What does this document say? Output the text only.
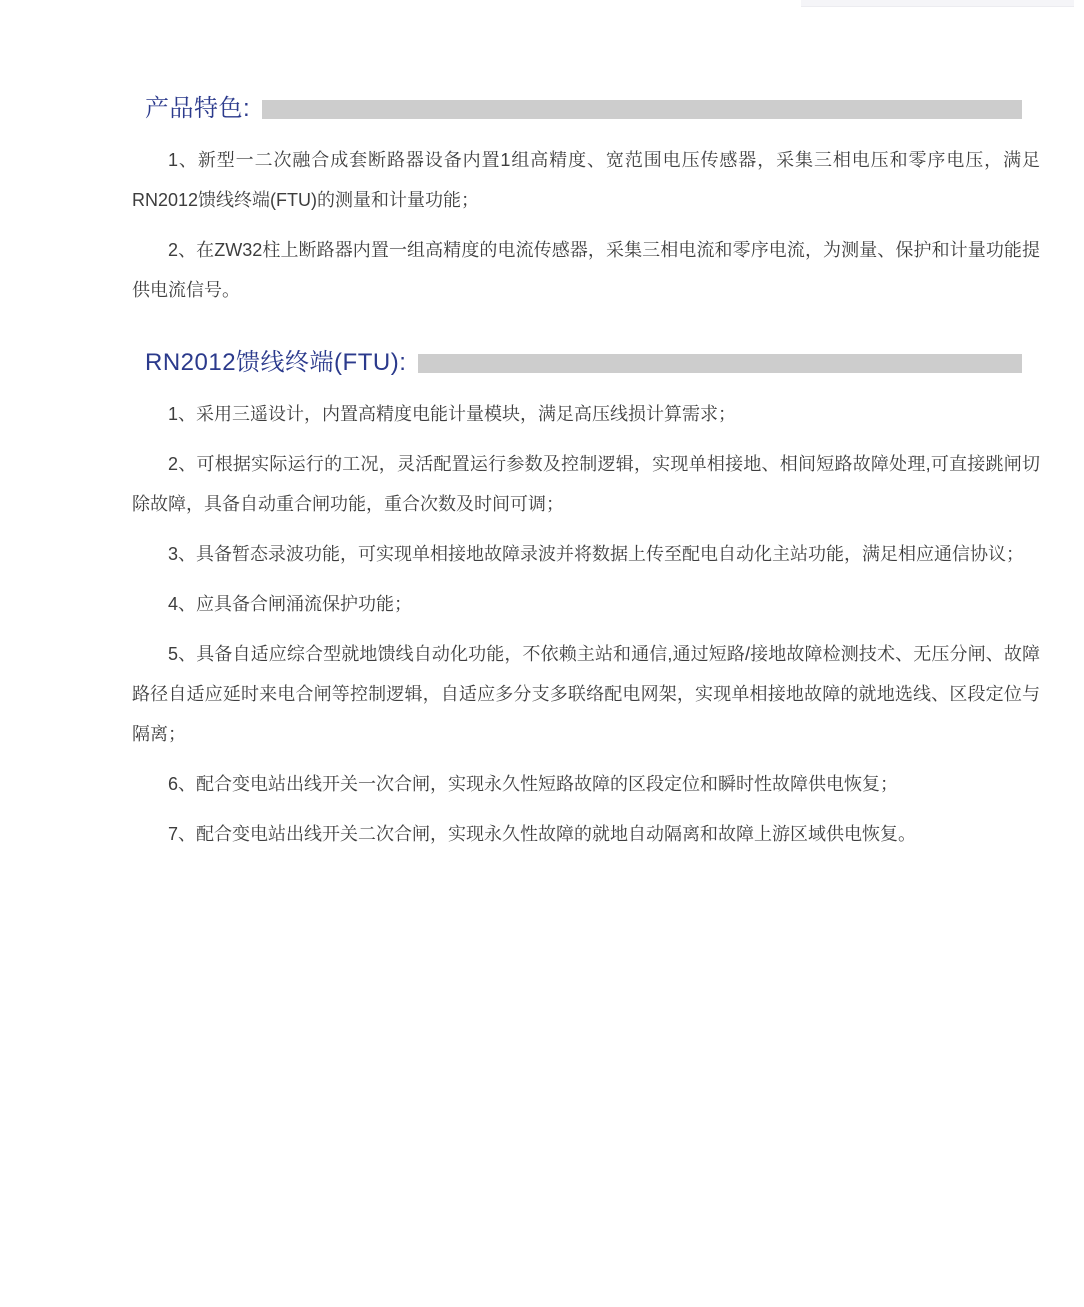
产品特色:

1、新型一二次融合成套断路器设备内置1组高精度、宽范围电压传感器，采集三相电压和零序电压，满足RN2012馈线终端(FTU)的测量和计量功能；

2、在ZW32柱上断路器内置一组高精度的电流传感器，采集三相电流和零序电流，为测量、保护和计量功能提供电流信号。

RN2012馈线终端(FTU):

1、采用三遥设计，内置高精度电能计量模块，满足高压线损计算需求；

2、可根据实际运行的工况，灵活配置运行参数及控制逻辑，实现单相接地、相间短路故障处理,可直接跳闸切除故障，具备自动重合闸功能，重合次数及时间可调；

3、具备暂态录波功能，可实现单相接地故障录波并将数据上传至配电自动化主站功能，满足相应通信协议；

4、应具备合闸涌流保护功能；

5、具备自适应综合型就地馈线自动化功能，不依赖主站和通信,通过短路/接地故障检测技术、无压分闸、故障路径自适应延时来电合闸等控制逻辑，自适应多分支多联络配电网架，实现单相接地故障的就地选线、区段定位与隔离；

6、配合变电站出线开关一次合闸，实现永久性短路故障的区段定位和瞬时性故障供电恢复；

7、配合变电站出线开关二次合闸，实现永久性故障的就地自动隔离和故障上游区域供电恢复。
